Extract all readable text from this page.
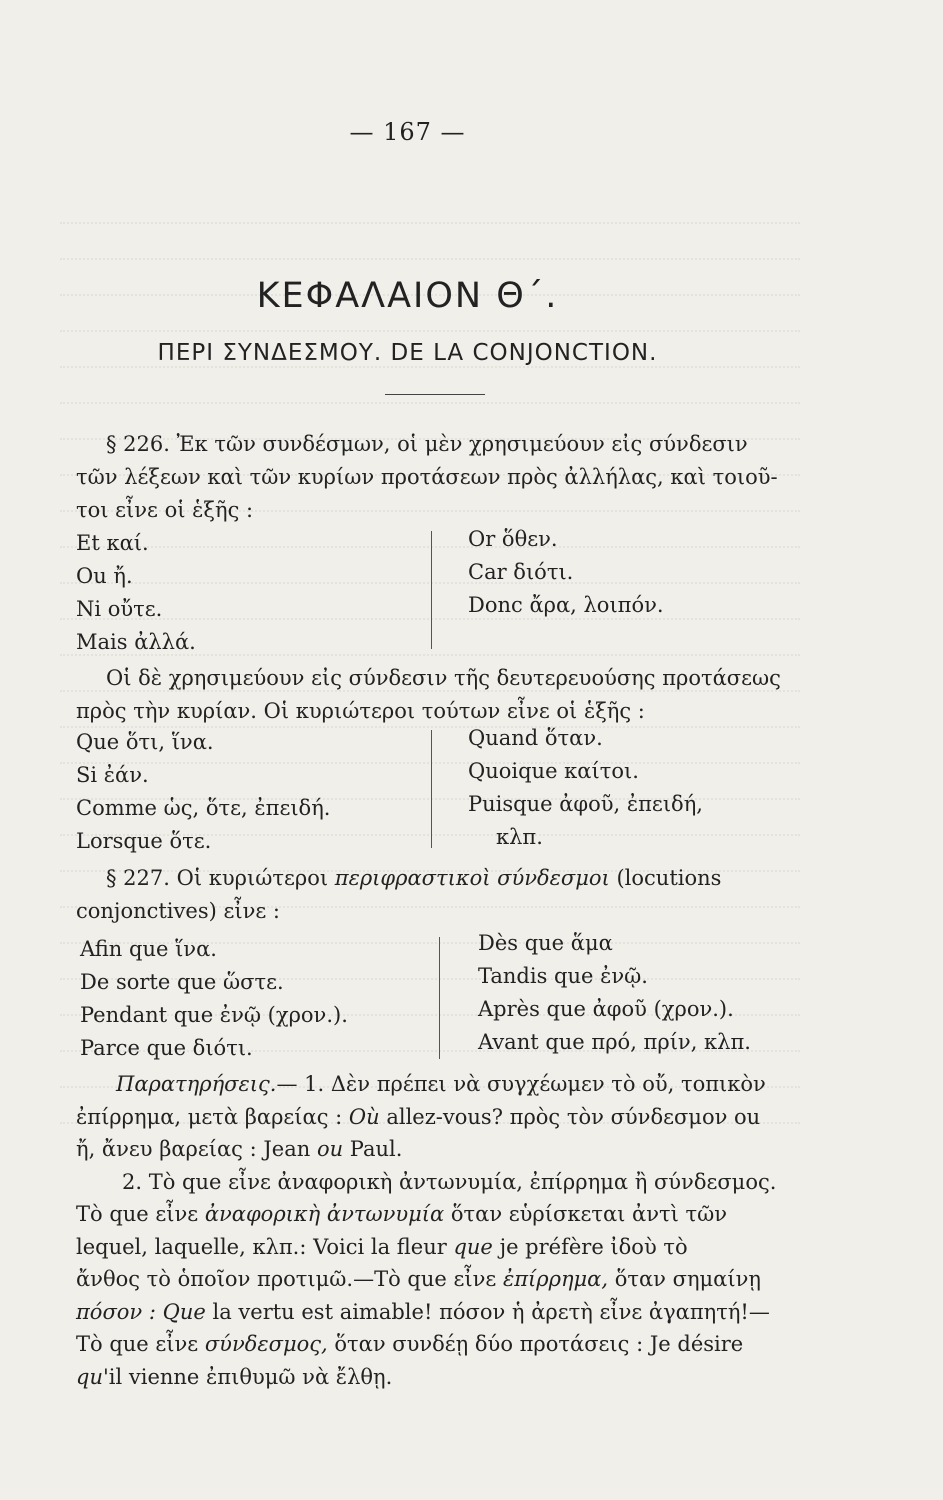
— 167 —
ΚΕΦΑΛΑΙΟΝ Θ΄.
ΠΕΡΙ ΣΥΝΔΕΣΜΟΥ. DE LA CONJONCTION.
§ 226. Ἐκ τῶν συνδέσμων, οἱ μὲν χρησιμεύουν εἰς σύνδεσιν
τῶν λέξεων καὶ τῶν κυρίων προτάσεων πρὸς ἀλλήλας, καὶ τοιοῦ-
τοι εἶνε οἱ ἑξῆς :
Et καί.
Ou ἤ.
Ni οὔτε.
Mais ἀλλά.
Or ὅθεν.
Car διότι.
Donc ἄρα, λοιπόν.
Οἱ δὲ χρησιμεύουν εἰς σύνδεσιν τῆς δευτερευούσης προτάσεως
πρὸς τὴν κυρίαν. Οἱ κυριώτεροι τούτων εἶνε οἱ ἑξῆς :
Que ὅτι, ἵνα.
Si ἐάν.
Comme ὡς, ὅτε, ἐπειδή.
Lorsque ὅτε.
Quand ὅταν.
Quoique καίτοι.
Puisque ἀφοῦ, ἐπειδή,
κλπ.
§ 227. Οἱ κυριώτεροι περιφραστικοὶ σύνδεσμοι (locutions
conjonctives) εἶνε :
Afin que ἵνα.
De sorte que ὥστε.
Pendant que ἐνῷ (χρον.).
Parce que διότι.
Dès que ἅμα
Tandis que ἐνῷ.
Après que ἀφοῦ (χρον.).
Avant que πρό, πρίν, κλπ.
Παρατηρήσεις.— 1. Δὲν πρέπει νὰ συγχέωμεν τὸ οὔ, τοπικὸν
ἐπίρρημα, μετὰ βαρείας : Où allez-vous? πρὸς τὸν σύνδεσμον ou
ἤ, ἄνευ βαρείας : Jean ou Paul.
2. Τὸ que εἶνε ἀναφορικὴ ἀντωνυμία, ἐπίρρημα ἢ σύνδεσμος.
Τὸ que εἶνε ἀναφορικὴ ἀντωνυμία ὅταν εὑρίσκεται ἀντὶ τῶν
lequel, laquelle, κλπ.: Voici la fleur que je préfère ἰδοὺ τὸ
ἄνθος τὸ ὁποῖον προτιμῶ.—Τὸ que εἶνε ἐπίρρημα, ὅταν σημαίνῃ
πόσον : Que la vertu est aimable! πόσον ἡ ἀρετὴ εἶνε ἀγαπητή!—
Τὸ que εἶνε σύνδεσμος, ὅταν συνδέῃ δύο προτάσεις : Je désire
qu'il vienne ἐπιθυμῶ νὰ ἔλθῃ.
